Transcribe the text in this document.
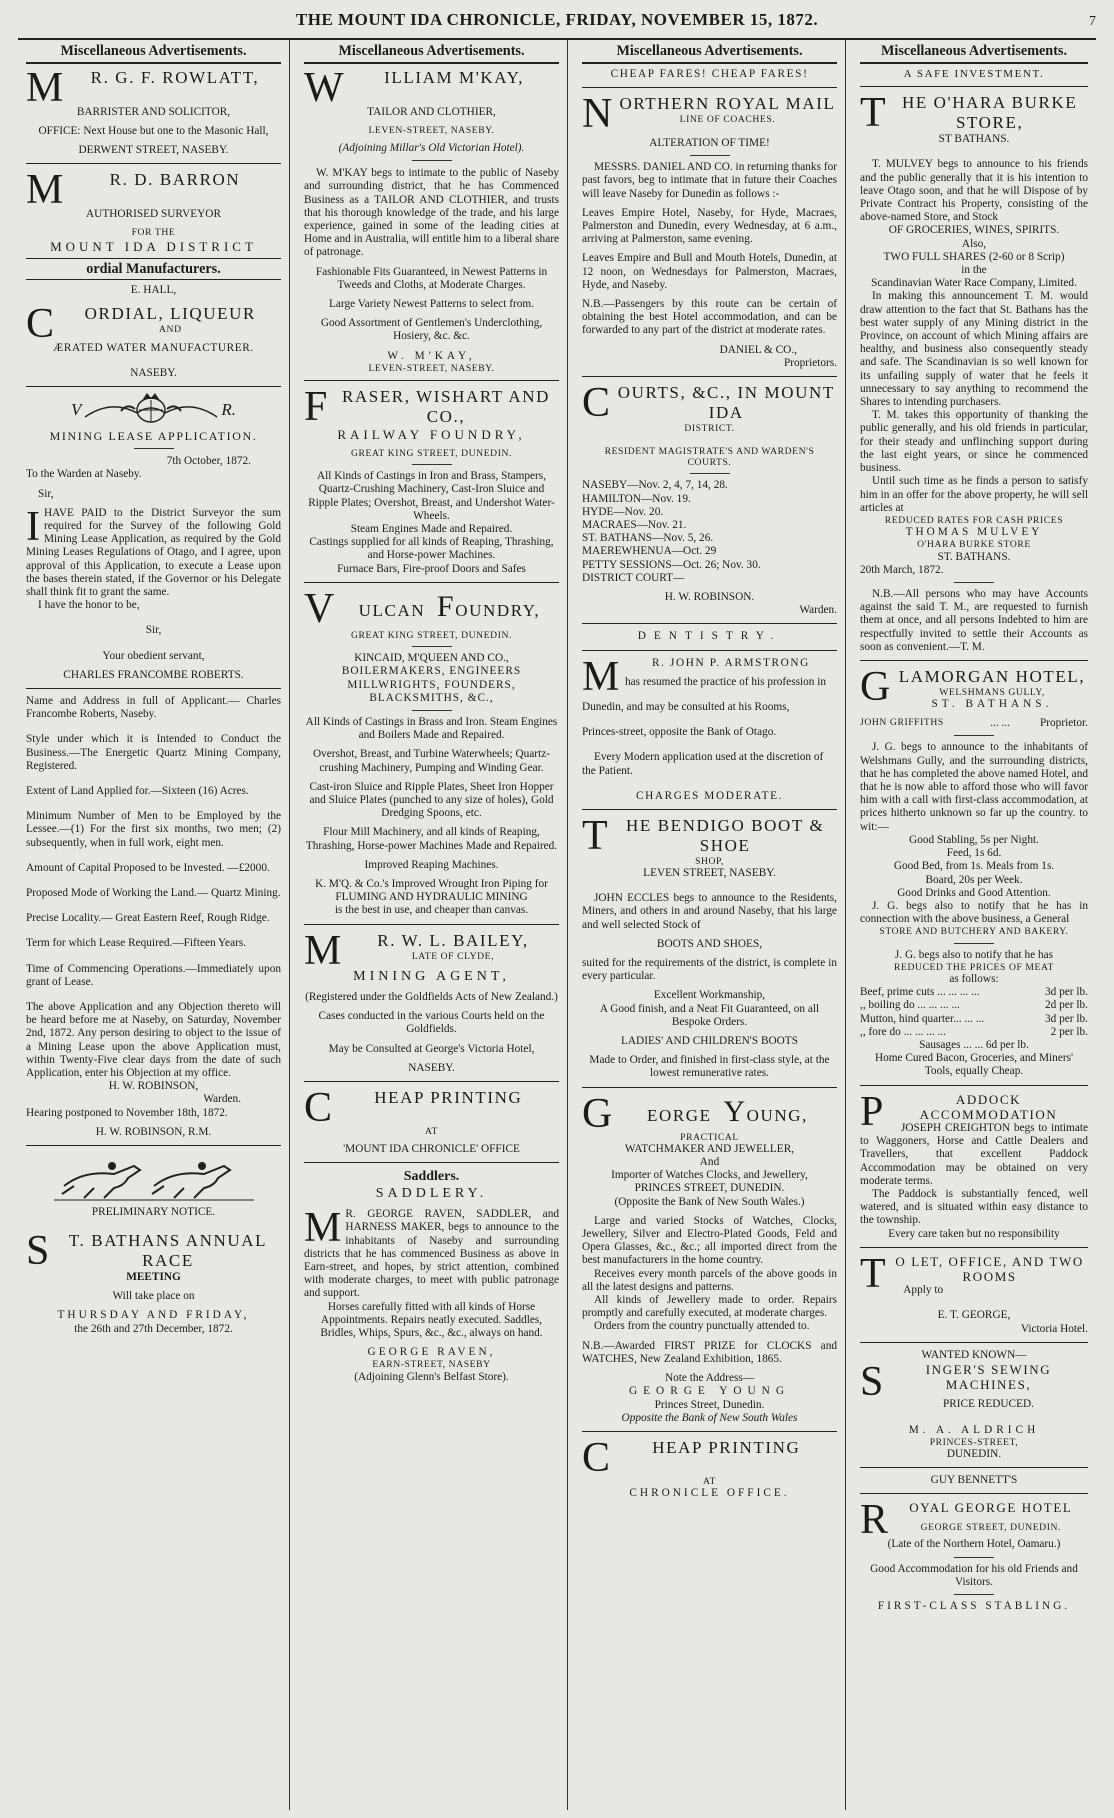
THE MOUNT IDA CHRONICLE, FRIDAY, NOVEMBER 15, 1872.	7
Miscellaneous Advertisements.
M R. G. F. ROWLATT,
BARRISTER AND SOLICITOR,
OFFICE: Next House but one to the Masonic Hall,
DERWENT STREET, NASEBY.
M	R. D. BARRON
AUTHORISED SURVEYOR
FOR THE
MOUNT IDA DISTRICT
ordial Manufacturers.
E. HALL,
C ORDIAL, LIQUEUR
AND
ÆRATED WATER MANUFACTURER.
NASEBY.
V	R.
MINING LEASE APPLICATION.
7th October, 1872.
To the Warden at Naseby.
Sir,
IHAVE PAID to the District Surveyor the sum required for the Survey of the following Gold Mining Lease Application, as required by the Gold Mining Leases Regulations of Otago, and I agree, upon approval of this Application, to execute a Lease upon the bases therein stated, if the Governor or his Delegate shall think fit to grant the same.
I have the honor to be,
Sir,
Your obedient servant,
CHARLES FRANCOMBE ROBERTS.
Name and Address in full of Applicant.— Charles Francombe Roberts, Naseby.
Style under which it is Intended to Conduct the Business.—The Energetic Quartz Mining Company, Registered.
Extent of Land Applied for.—Sixteen (16) Acres.
Minimum Number of Men to be Employed by the Lessee.—(1) For the first six months, two men; (2) subsequently, when in full work, eight men.
Amount of Capital Proposed to be Invested. —£2000.
Proposed Mode of Working the Land.— Quartz Mining.
Precise Locality.— Great Eastern Reef, Rough Ridge.
Term for which Lease Required.—Fifteen Years.
Time of Commencing Operations.—Immediately upon grant of Lease.
The above Application and any Objection thereto will be heard before me at Naseby, on Saturday, November 2nd, 1872. Any person desiring to object to the issue of a Mining Lease upon the above Application must, within Twenty-Five clear days from the date of such Application, enter his Objection at my office.
H. W. ROBINSON,
Warden.
Hearing postponed to November 18th, 1872.
H. W. ROBINSON, R.M.
PRELIMINARY NOTICE.
S T. BATHANS ANNUAL RACE
MEETING
Will take place on
THURSDAY AND FRIDAY,
the 26th and 27th December, 1872.
Miscellaneous Advertisements.
W ILLIAM M'KAY,
TAILOR AND CLOTHIER,
LEVEN-STREET, NASEBY.
(Adjoining Millar's Old Victorian Hotel).
W. M'KAY begs to intimate to the public of Naseby and surrounding district, that he has Commenced Business as a TAILOR AND CLOTHIER, and trusts that his thorough knowledge of the trade, and his large experience, gained in some of the leading cities at Home and in Australia, will entitle him to a liberal share of patronage.
Fashionable Fits Guaranteed, in Newest Patterns in Tweeds and Cloths, at Moderate Charges.
Large Variety Newest Patterns to select from.
Good Assortment of Gentlemen's Underclothing, Hosiery, &c. &c.
W. M'KAY,
LEVEN-STREET, NASEBY.
FRASER, WISHART AND CO.,
RAILWAY FOUNDRY,
GREAT KING STREET, DUNEDIN.
All Kinds of Castings in Iron and Brass, Stampers,
Quartz-Crushing Machinery, Cast-Iron Sluice and Ripple Plates; Overshot, Breast, and Undershot Water-Wheels.
Steam Engines Made and Repaired.
Castings supplied for all kinds of Reaping, Thrashing, and Horse-power Machines.
Furnace Bars, Fire-proof Doors and Safes
V ULCAN FOUNDRY,
GREAT KING STREET, DUNEDIN.
KINCAID, M'QUEEN AND CO.,
BOILERMAKERS, ENGINEERS MILLWRIGHTS, FOUNDERS, BLACKSMITHS, &C.,
All Kinds of Castings in Brass and Iron. Steam Engines and Boilers Made and Repaired.
Overshot, Breast, and Turbine Waterwheels; Quartz-crushing Machinery, Pumping and Winding Gear.
Cast-iron Sluice and Ripple Plates, Sheet Iron Hopper and Sluice Plates (punched to any size of holes), Gold Dredging Spoons, etc.
Flour Mill Machinery, and all kinds of Reaping, Thrashing, Horse-power Machines Made and Repaired.
Improved Reaping Machines.
K. M'Q. & Co.'s Improved Wrought Iron Piping for
FLUMING AND HYDRAULIC MINING
is the best in use, and cheaper than canvas.
M R. W. L. BAILEY,
LATE OF CLYDE,
MINING AGENT,
(Registered under the Goldfields Acts of New Zealand.)
Cases conducted in the various Courts held on the Goldfields.
May be Consulted at George's Victoria Hotel,
NASEBY.
C HEAP PRINTING
AT
'MOUNT IDA CHRONICLE' OFFICE
Saddlers.
SADDLERY.
M R. GEORGE RAVEN, SADDLER, and HARNESS MAKER, begs to announce to the inhabitants of Naseby and surrounding districts that he has commenced Business as above in Earn-street, and hopes, by strict attention, combined with moderate charges, to meet with public patronage and support.
Horses carefully fitted with all kinds of Horse Appointments. Repairs neatly executed. Saddles, Bridles, Whips, Spurs, &c., &c., always on hand.
GEORGE RAVEN,
EARN-STREET, NASEBY
(Adjoining Glenn's Belfast Store).
Miscellaneous Advertisements.
CHEAP FARES! CHEAP FARES!
NORTHERN ROYAL MAIL
LINE OF COACHES.
ALTERATION OF TIME!
MESSRS. DANIEL AND CO. in returning thanks for past favors, beg to intimate that in future their Coaches will leave Naseby for Dunedin as follows :-
Leaves Empire Hotel, Naseby, for Hyde, Macraes, Palmerston and Dunedin, every Wednesday, at 6 a.m., arriving at Palmerston, same evening.
Leaves Empire and Bull and Mouth Hotels, Dunedin, at 12 noon, on Wednesdays for Palmerston, Macraes, Hyde, and Naseby.
N.B.—Passengers by this route can be certain of obtaining the best Hotel accommodation, and can be forwarded to any part of the district at moderate rates.
DANIEL & CO.,
Proprietors.
COURTS, &C., IN MOUNT IDA
DISTRICT.
RESIDENT MAGISTRATE'S AND WARDEN'S COURTS.
NASEBY—Nov. 2, 4, 7, 14, 28.
HAMILTON—Nov. 19.
HYDE—Nov. 20.
MACRAES—Nov. 21.
ST. BATHANS—Nov. 5, 26.
MAEREWHENUA—Oct. 29
PETTY SESSIONS—Oct. 26; Nov. 30.
DISTRICT COURT—
H. W. ROBINSON.
Warden.
DENTISTRY.
M	R. JOHN P. ARMSTRONG
has resumed the practice of his profession in
Dunedin, and may be consulted at his Rooms,
Princes-street, opposite the Bank of Otago.
Every Modern application used at the discretion of the Patient.
CHARGES MODERATE.
THE BENDIGO BOOT & SHOE
SHOP,
LEVEN STREET, NASEBY.
JOHN ECCLES begs to announce to the Residents, Miners, and others in and around Naseby, that his large and well selected Stock of
BOOTS AND SHOES,
suited for the requirements of the district, is complete in every particular.
Excellent Workmanship,
A Good finish, and a Neat Fit Guaranteed, on all Bespoke Orders.
LADIES' AND CHILDREN'S BOOTS
Made to Order, and finished in first-class style, at the lowest remunerative rates.
G EORGE YOUNG,
PRACTICAL
WATCHMAKER AND JEWELLER,
And
Importer of Watches Clocks, and Jewellery,
PRINCES STREET, DUNEDIN.
(Opposite the Bank of New South Wales.)
Large and varied Stocks of Watches, Clocks, Jewellery, Silver and Electro-Plated Goods, Feld and Opera Glasses, &c., &c.; all imported direct from the best manufacturers in the home country.
Receives every month parcels of the above goods in all the latest designs and patterns.
All kinds of Jewellery made to order. Repairs promptly and carefully executed, at moderate charges.
Orders from the country punctually attended to.
N.B.—Awarded FIRST PRIZE for CLOCKS and WATCHES, New Zealand Exhibition, 1865.
Note the Address—
GEORGE YOUNG
Princes Street, Dunedin.
Opposite the Bank of New South Wales
C HEAP PRINTING
AT
CHRONICLE OFFICE.
Miscellaneous Advertisements.
A SAFE INVESTMENT.
THE O'HARA BURKE STORE,
ST BATHANS.
T. MULVEY begs to announce to his friends and the public generally that it is his intention to leave Otago soon, and that he will Dispose of by Private Contract his Property, consisting of the above-named Store, and Stock
OF GROCERIES, WINES, SPIRITS.
Also,
TWO FULL SHARES (2-60 or 8 Scrip)
in the
Scandinavian Water Race Company, Limited.
In making this announcement T. M. would draw attention to the fact that St. Bathans has the best water supply of any Mining district in the Province, on account of which Mining affairs are healthy, and business also consequently steady and safe. The Scandinavian is so well known for its unfailing supply of water that he feels it unnecessary to say anything to recommend the Shares to intending purchasers.
T. M. takes this opportunity of thanking the public generally, and his old friends in particular, for their steady and unflinching support during the last eight years, or since he commenced business.
Until such time as he finds a person to satisfy him in an offer for the above property, he will sell articles at
REDUCED RATES FOR CASH PRICES
THOMAS MULVEY
O'HARA BURKE STORE
ST. BATHANS.
20th March, 1872.
N.B.—All persons who may have Accounts against the said T. M., are requested to furnish them at once, and all persons Indebted to him are respectfully invited to settle their Accounts as soon as convenient.—T. M.
GLAMORGAN HOTEL,
WELSHMANS GULLY,
ST. BATHANS.
JOHN GRIFFITHS	... ...	Proprietor.
J. G. begs to announce to the inhabitants of Welshmans Gully, and the surrounding districts, that he has completed the above named Hotel, and that he is now able to afford those who will favor him with a call with first-class accommodation, at prices hitherto unknown so far up the country. to wit:—
Good Stabling, 5s per Night.
Feed, 1s 6d.
Good Bed, from 1s. Meals from 1s.
Board, 20s per Week.
Good Drinks and Good Attention.
J. G. begs also to notify that he has in connection with the above business, a General
STORE AND BUTCHERY AND BAKERY.
J. G. begs also to notify that he has
REDUCED THE PRICES OF MEAT
as follows:
Beef, prime cuts ... ... ... ...	3d per lb.
,, boiling do ... ... ... ...	2d per lb.
Mutton, hind quarter... ... ...	3d per lb.
,, fore do ... ... ... ...	2 per lb.
Sausages ... ... 6d per lb.
Home Cured Bacon, Groceries, and Miners' Tools, equally Cheap.
P	ADDOCK ACCOMMODATION
JOSEPH CREIGHTON begs to intimate to Waggoners, Horse and Cattle Dealers and Travellers, that excellent Paddock Accommodation may be obtained on very moderate terms.
The Paddock is substantially fenced, well watered, and is situated within easy distance to the township.
Every care taken but no responsibility
T O LET, OFFICE, AND TWO ROOMS
Apply to
E. T. GEORGE,
Victoria Hotel.
WANTED KNOWN—
S	INGER'S SEWING MACHINES,
PRICE REDUCED.
M. A. ALDRICH
PRINCES-STREET,
DUNEDIN.
GUY BENNETT'S
R OYAL GEORGE HOTEL
GEORGE STREET, DUNEDIN.
(Late of the Northern Hotel, Oamaru.)
Good Accommodation for his old Friends and Visitors.
FIRST-CLASS STABLING.
